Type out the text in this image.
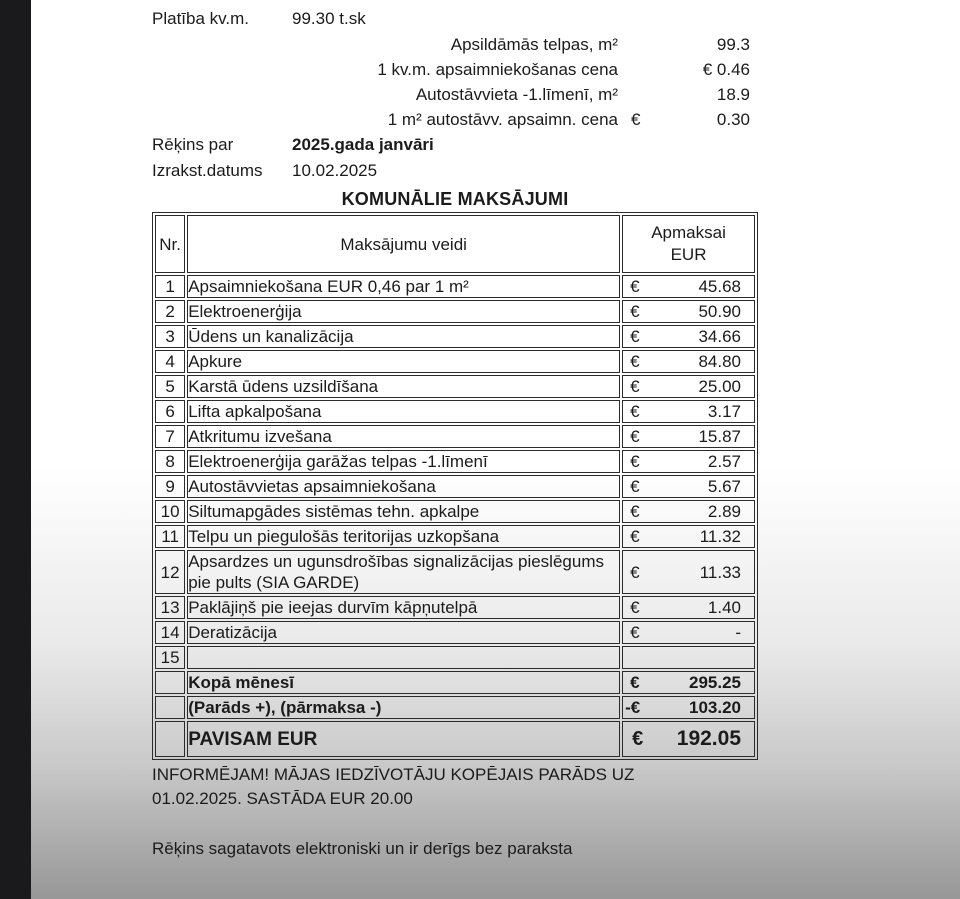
Platība kv.m.	99.30 t.sk
Apsildāmās telpas, m²	99.3
1 kv.m. apsaimniekošanas cena	€ 0.46
Autostāvvieta -1.līmenī, m²	18.9
1 m² autostāvv. apsaimn. cena €	0.30
Rēķins par	2025.gada janvāri
Izrakst.datums	10.02.2025
KOMUNĀLIE MAKSĀJUMI
Nr.	Maksājumu veidi	Apmaksai
EUR

1	Apsaimniekošana EUR 0,46 par 1 m²	€ 45.68

2	Elektroenerģija	€ 50.90

3	Ūdens un kanalizācija	€ 34.66

4	Apkure	€ 84.80

5	Karstā ūdens uzsildīšana	€ 25.00

6	Lifta apkalpošana	€ 3.17

7	Atkritumu izvešana	€ 15.87

8	Elektroenerģija garāžas telpas -1.līmenī	€ 2.57

9	Autostāvvietas apsaimniekošana	€ 5.67

10	Siltumapgādes sistēmas tehn. apkalpe	€ 2.89

11	Telpu un piegulošās teritorijas uzkopšana	€ 11.32

12	Apsardzes un ugunsdrošības signalizācijas pieslēgums pie pults (SIA GARDE)	€ 11.33

13	Paklājiņš pie ieejas durvīm kāpņutelpā	€ 1.40

14	Deratizācija	€ -

15		

	Kopā mēnesī	€ 295.25

	(Parāds +), (pārmaksa -)	-€ 103.20

	PAVISAM EUR	€ 192.05
INFORMĒJAM! MĀJAS IEDZĪVOTĀJU KOPĒJAIS PARĀDS UZ
01.02.2025. SASTĀDA EUR 20.00
Rēķins sagatavots elektroniski un ir derīgs bez paraksta
